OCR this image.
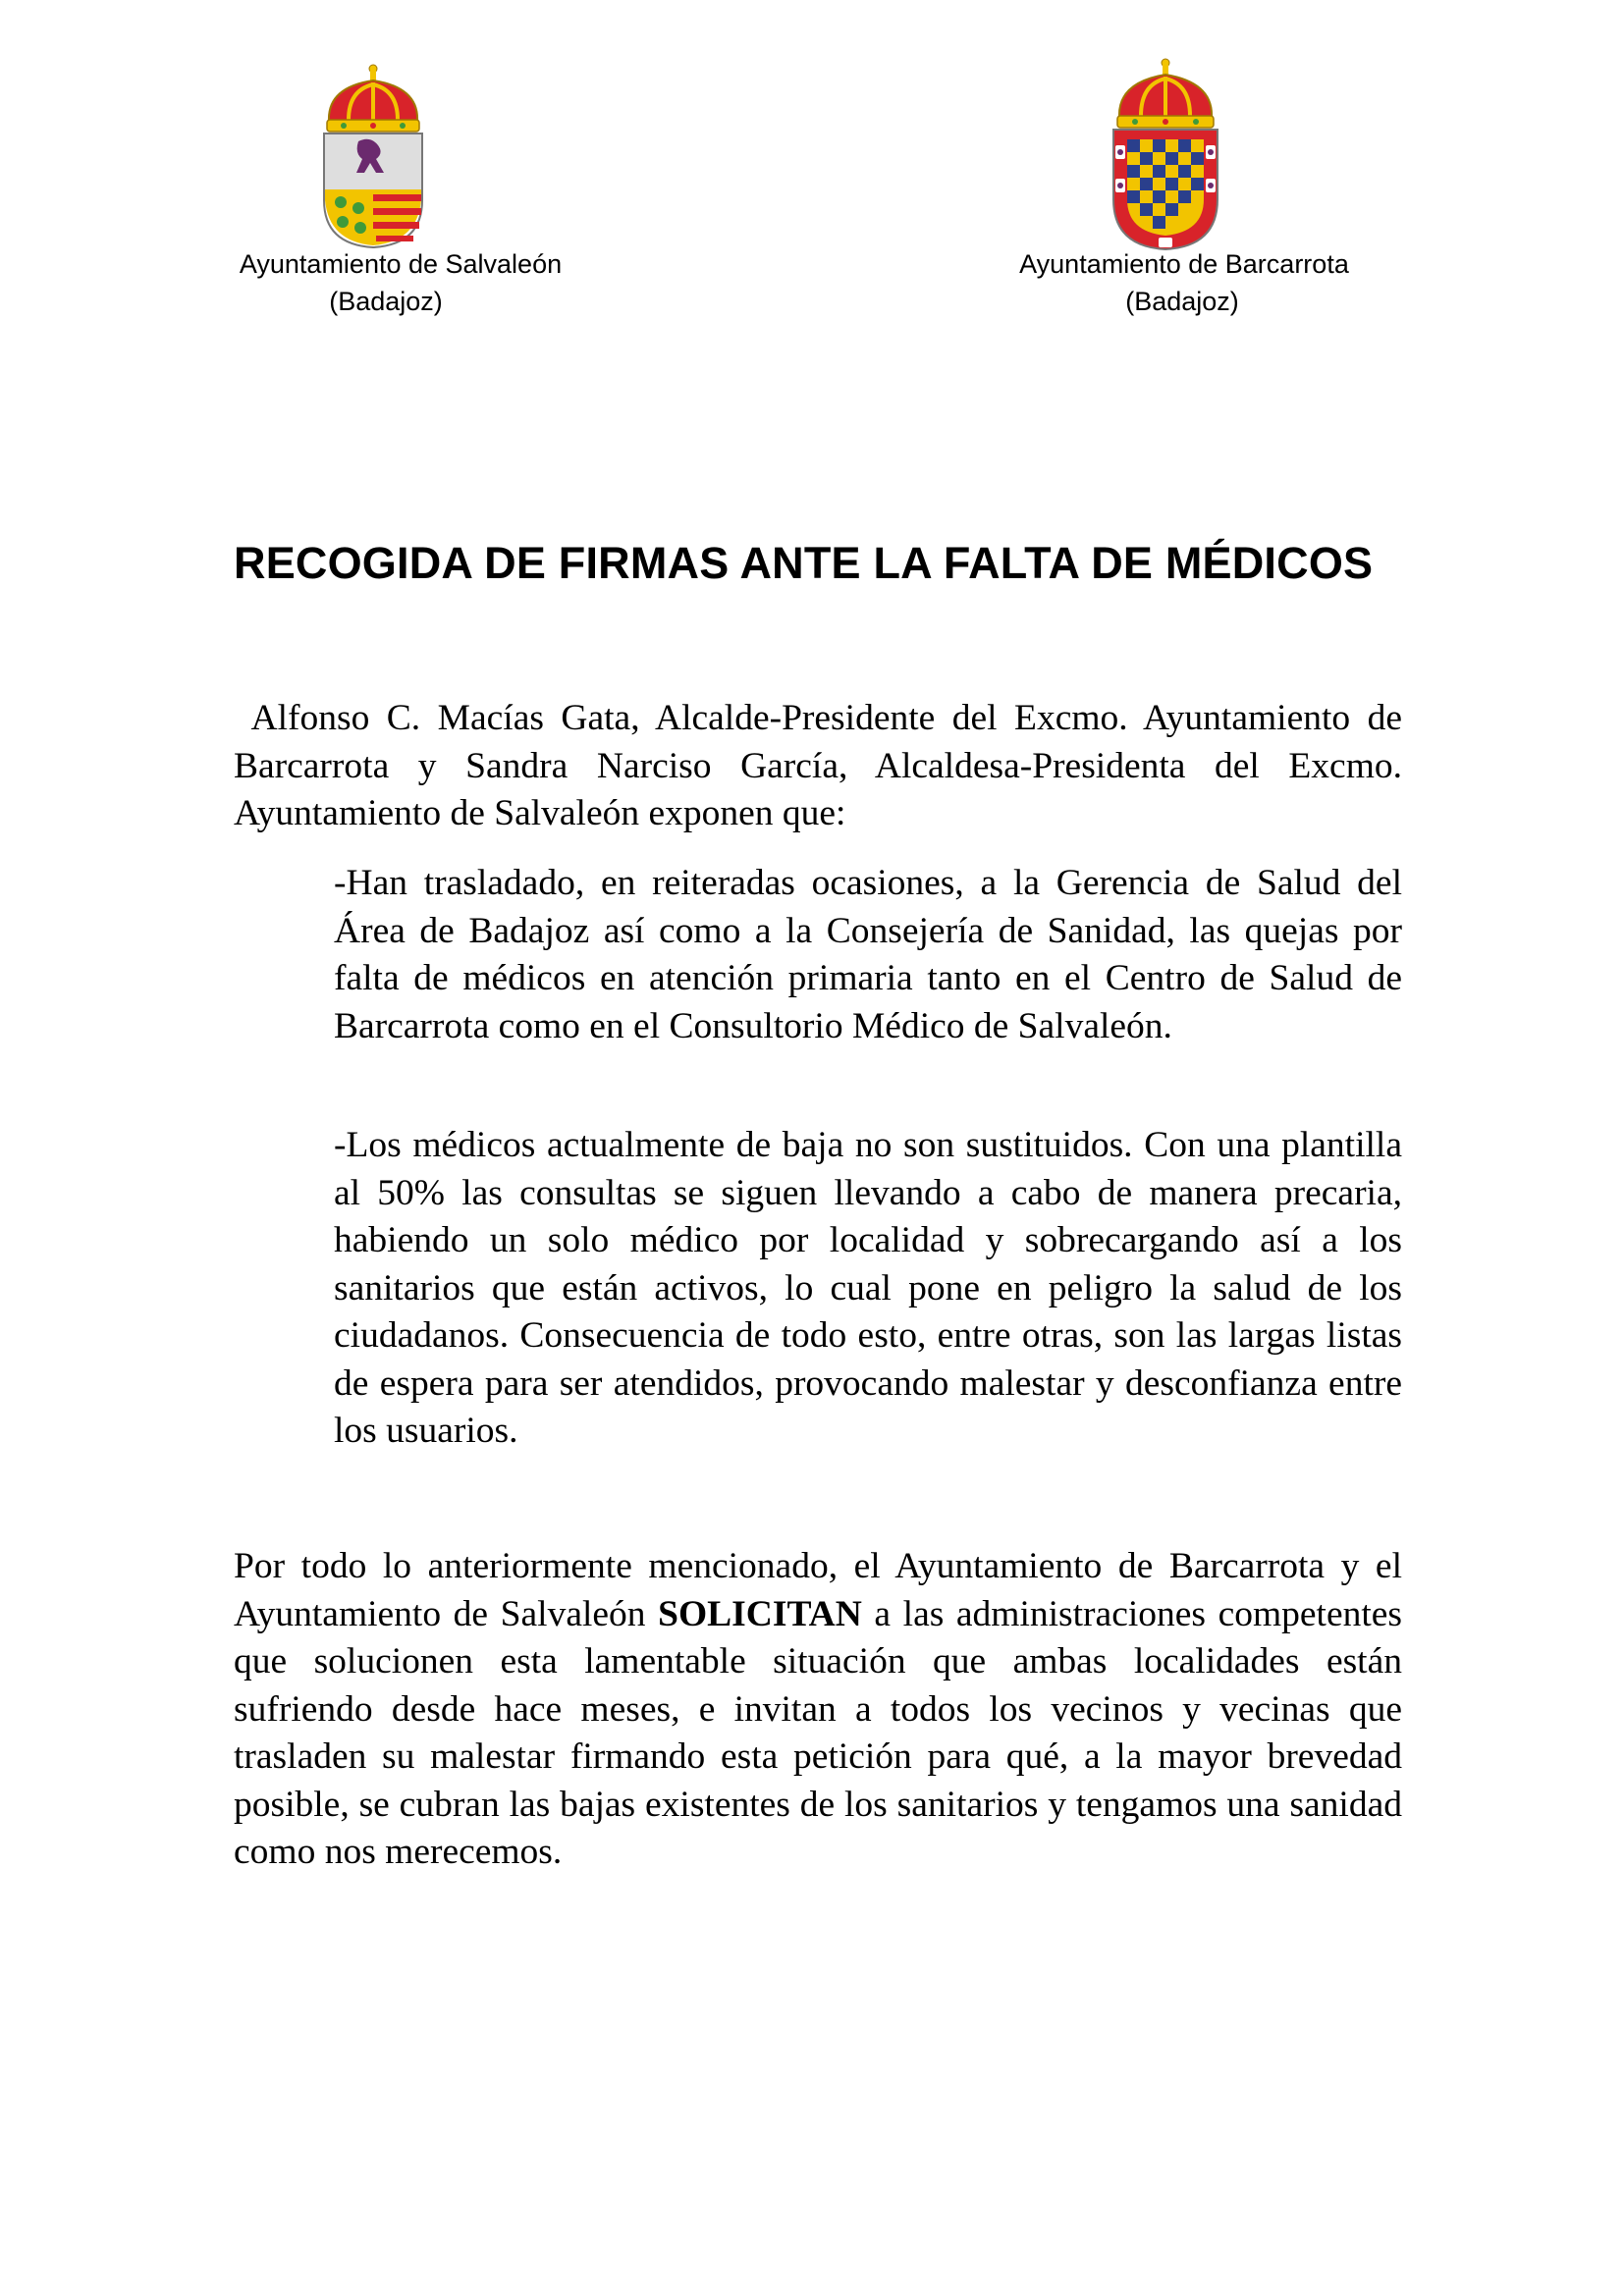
Ayuntamiento de Salvaleón
(Badajoz)
Ayuntamiento de Barcarrota
(Badajoz)
RECOGIDA DE FIRMAS ANTE LA FALTA DE MÉDICOS

Alfonso C. Macías Gata, Alcalde-Presidente del Excmo. Ayuntamiento de Barcarrota y Sandra Narciso García, Alcaldesa-Presidenta del Excmo. Ayuntamiento de Salvaleón exponen que:

-Han trasladado, en reiteradas ocasiones, a la Gerencia de Salud del Área de Badajoz así como a la Consejería de Sanidad, las quejas por falta de médicos en atención primaria tanto en el Centro de Salud de Barcarrota como en el Consultorio Médico de Salvaleón.

-Los médicos actualmente de baja no son sustituidos. Con una plantilla al 50% las consultas se siguen llevando a cabo de manera precaria, habiendo un solo médico por localidad y sobrecargando así a los sanitarios que están activos, lo cual pone en peligro la salud de los ciudadanos. Consecuencia de todo esto, entre otras, son las largas listas de espera para ser atendidos, provocando malestar y desconfianza entre los usuarios.

Por todo lo anteriormente mencionado, el Ayuntamiento de Barcarrota y el Ayuntamiento de Salvaleón SOLICITAN a las administraciones competentes que solucionen esta lamentable situación que ambas localidades están sufriendo desde hace meses, e invitan a todos los vecinos y vecinas que trasladen su malestar firmando esta petición para qué, a la mayor brevedad posible, se cubran las bajas existentes de los sanitarios y tengamos una sanidad como nos merecemos.
